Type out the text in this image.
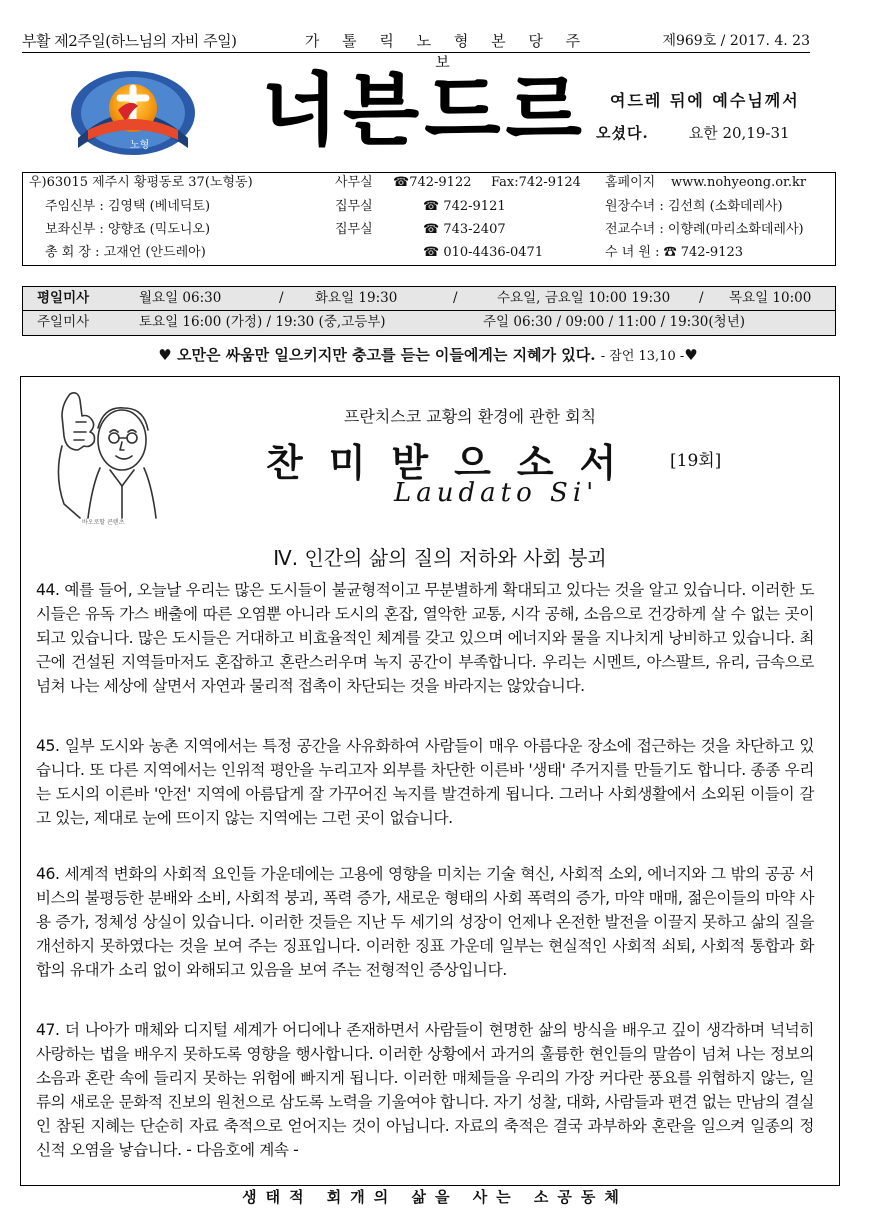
부활 제2주일(하느님의 자비 주일)	가 톨 릭 노 형 본 당 주 보
제969호 / 2017. 4. 23
노형 너븐드르 여드레 뒤에 예수님께서
오셨다.	요한 20,19-31
우)63015 제주시 황평동로 37(노형동)	사무실 ☎742-9122 Fax:742-9124 홈페이지 www.nohyeong.or.kr
주임신부 : 김영택 (베네딕토)	집무실	☎ 742-9121	원장수녀 : 김선희 (소화데레사)
보좌신부 : 양향조 (믹도니오)	집무실	☎ 743-2407	전교수녀 : 이향례(마리소화데레사)
총 회 장 : 고재언 (안드레아)	☎ 010-4436-0471	수 녀 원 : ☎ 742-9123
평일미사	월요일 06:30	/ 화요일 19:30	/	수요일, 금요일 10:00 19:30 / 목요일 10:00
주일미사	토요일 16:00 (가정) / 19:30 (중,고등부)	주일 06:30 / 09:00 / 11:00 / 19:30(청년)
♥ 오만은 싸움만 일으키지만 충고를 듣는 이들에게는 지혜가 있다. - 잠언 13,10 -♥
바오로딸 콘텐츠
프란치스코 교황의 환경에 관한 회칙
찬미받으소서 [19회]
Laudato Si'
Ⅳ. 인간의 삶의 질의 저하와 사회 붕괴
44. 예를 들어, 오늘날 우리는 많은 도시들이 불균형적이고 무분별하게 확대되고 있다는 것을 알고 있습니다. 이러한 도시들은 유독 가스 배출에 따른 오염뿐 아니라 도시의 혼잡, 열악한 교통, 시각 공해, 소음으로 건강하게 살 수 없는 곳이 되고 있습니다. 많은 도시들은 거대하고 비효율적인 체계를 갖고 있으며 에너지와 물을 지나치게 낭비하고 있습니다. 최근에 건설된 지역들마저도 혼잡하고 혼란스러우며 녹지 공간이 부족합니다. 우리는 시멘트, 아스팔트, 유리, 금속으로 넘쳐 나는 세상에 살면서 자연과 물리적 접촉이 차단되는 것을 바라지는 않았습니다.
45. 일부 도시와 농촌 지역에서는 특정 공간을 사유화하여 사람들이 매우 아름다운 장소에 접근하는 것을 차단하고 있습니다. 또 다른 지역에서는 인위적 평안을 누리고자 외부를 차단한 이른바 '생태' 주거지를 만들기도 합니다. 종종 우리는 도시의 이른바 '안전' 지역에 아름답게 잘 가꾸어진 녹지를 발견하게 됩니다. 그러나 사회생활에서 소외된 이들이 갈고 있는, 제대로 눈에 뜨이지 않는 지역에는 그런 곳이 없습니다.
46. 세계적 변화의 사회적 요인들 가운데에는 고용에 영향을 미치는 기술 혁신, 사회적 소외, 에너지와 그 밖의 공공 서비스의 불평등한 분배와 소비, 사회적 붕괴, 폭력 증가, 새로운 형태의 사회 폭력의 증가, 마약 매매, 젊은이들의 마약 사용 증가, 정체성 상실이 있습니다. 이러한 것들은 지난 두 세기의 성장이 언제나 온전한 발전을 이끌지 못하고 삶의 질을 개선하지 못하였다는 것을 보여 주는 징표입니다. 이러한 징표 가운데 일부는 현실적인 사회적 쇠퇴, 사회적 통합과 화합의 유대가 소리 없이 와해되고 있음을 보여 주는 전형적인 증상입니다.
47. 더 나아가 매체와 디지털 세계가 어디에나 존재하면서 사람들이 현명한 삶의 방식을 배우고 깊이 생각하며 넉넉히 사랑하는 법을 배우지 못하도록 영향을 행사합니다. 이러한 상황에서 과거의 훌륭한 현인들의 말씀이 넘쳐 나는 정보의 소음과 혼란 속에 들리지 못하는 위험에 빠지게 됩니다. 이러한 매체들을 우리의 가장 커다란 풍요를 위협하지 않는, 일류의 새로운 문화적 진보의 원천으로 삼도록 노력을 기울여야 합니다. 자기 성찰, 대화, 사람들과 편견 없는 만남의 결실인 참된 지혜는 단순히 자료 축적으로 얻어지는 것이 아닙니다. 자료의 축적은 결국 과부하와 혼란을 일으켜 일종의 정신적 오염을 낳습니다. - 다음호에 계속 -
생태적 회개의 삶을 사는 소공동체
